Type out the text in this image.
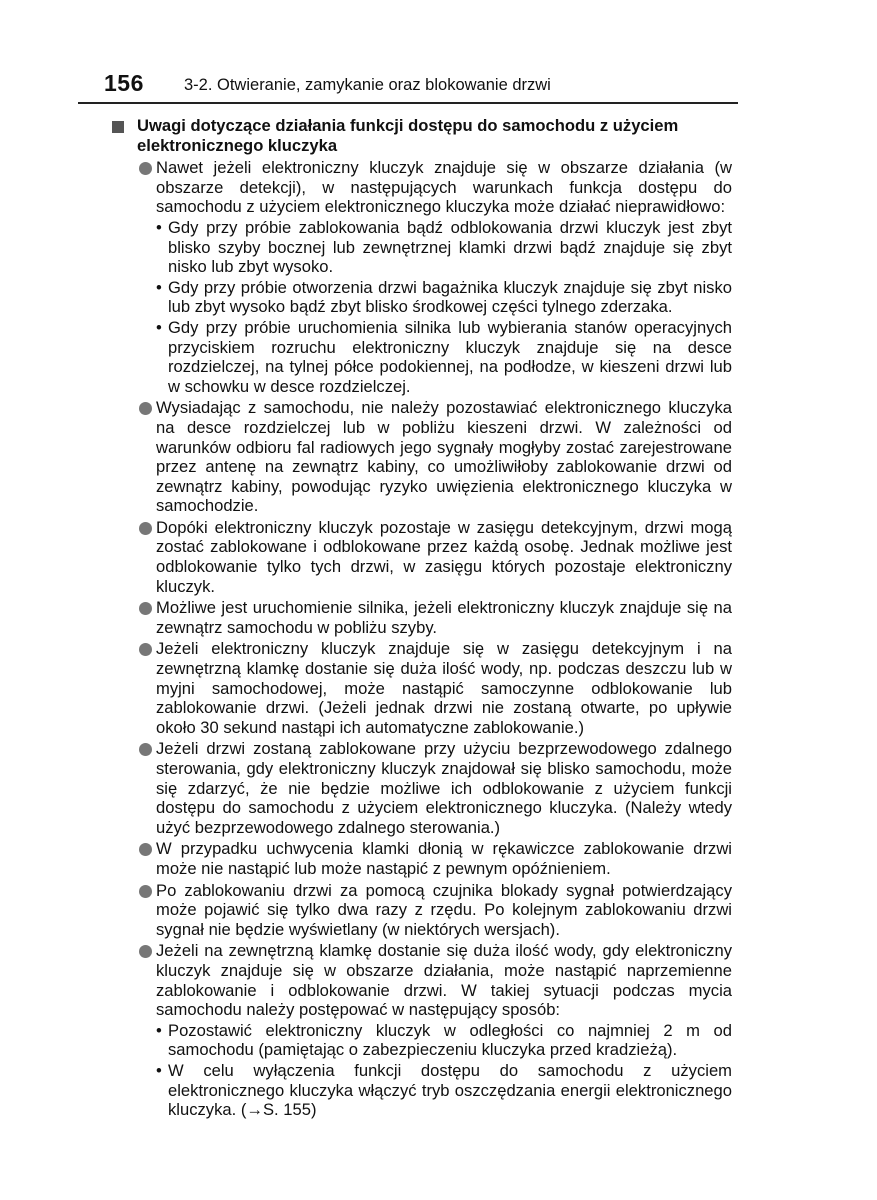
156 3-2. Otwieranie, zamykanie oraz blokowanie drzwi
Uwagi dotyczące działania funkcji dostępu do samochodu z użyciem elektronicznego kluczyka

Nawet jeżeli elektroniczny kluczyk znajduje się w obszarze działania (w obszarze detekcji), w następujących warunkach funkcja dostępu do samochodu z użyciem elektronicznego kluczyka może działać nieprawidłowo:

• Gdy przy próbie zablokowania bądź odblokowania drzwi kluczyk jest zbyt blisko szyby bocznej lub zewnętrznej klamki drzwi bądź znajduje się zbyt nisko lub zbyt wysoko.
• Gdy przy próbie otworzenia drzwi bagażnika kluczyk znajduje się zbyt nisko lub zbyt wysoko bądź zbyt blisko środkowej części tylnego zderzaka.
• Gdy przy próbie uruchomienia silnika lub wybierania stanów operacyjnych przyciskiem rozruchu elektroniczny kluczyk znajduje się na desce rozdzielczej, na tylnej półce podokiennej, na podłodze, w kieszeni drzwi lub w schowku w desce rozdzielczej.

Wysiadając z samochodu, nie należy pozostawiać elektronicznego kluczyka na desce rozdzielczej lub w pobliżu kieszeni drzwi. W zależności od warunków odbioru fal radiowych jego sygnały mogłyby zostać zarejestrowane przez antenę na zewnątrz kabiny, co umożliwiłoby zablokowanie drzwi od zewnątrz kabiny, powodując ryzyko uwięzienia elektronicznego kluczyka w samochodzie.

Dopóki elektroniczny kluczyk pozostaje w zasięgu detekcyjnym, drzwi mogą zostać zablokowane i odblokowane przez każdą osobę. Jednak możliwe jest odblokowanie tylko tych drzwi, w zasięgu których pozostaje elektroniczny kluczyk.

Możliwe jest uruchomienie silnika, jeżeli elektroniczny kluczyk znajduje się na zewnątrz samochodu w pobliżu szyby.

Jeżeli elektroniczny kluczyk znajduje się w zasięgu detekcyjnym i na zewnętrzną klamkę dostanie się duża ilość wody, np. podczas deszczu lub w myjni samochodowej, może nastąpić samoczynne odblokowanie lub zablokowanie drzwi. (Jeżeli jednak drzwi nie zostaną otwarte, po upływie około 30 sekund nastąpi ich automatyczne zablokowanie.)

Jeżeli drzwi zostaną zablokowane przy użyciu bezprzewodowego zdalnego sterowania, gdy elektroniczny kluczyk znajdował się blisko samochodu, może się zdarzyć, że nie będzie możliwe ich odblokowanie z użyciem funkcji dostępu do samochodu z użyciem elektronicznego kluczyka. (Należy wtedy użyć bezprzewodowego zdalnego sterowania.)

W przypadku uchwycenia klamki dłonią w rękawiczce zablokowanie drzwi może nie nastąpić lub może nastąpić z pewnym opóźnieniem.

Po zablokowaniu drzwi za pomocą czujnika blokady sygnał potwierdzający może pojawić się tylko dwa razy z rzędu. Po kolejnym zablokowaniu drzwi sygnał nie będzie wyświetlany (w niektórych wersjach).

Jeżeli na zewnętrzną klamkę dostanie się duża ilość wody, gdy elektroniczny kluczyk znajduje się w obszarze działania, może nastąpić naprzemienne zablokowanie i odblokowanie drzwi. W takiej sytuacji podczas mycia samochodu należy postępować w następujący sposób:

• Pozostawić elektroniczny kluczyk w odległości co najmniej 2 m od samochodu (pamiętając o zabezpieczeniu kluczyka przed kradzieżą).
• W celu wyłączenia funkcji dostępu do samochodu z użyciem elektronicznego kluczyka włączyć tryb oszczędzania energii elektronicznego kluczyka. (→S. 155)
